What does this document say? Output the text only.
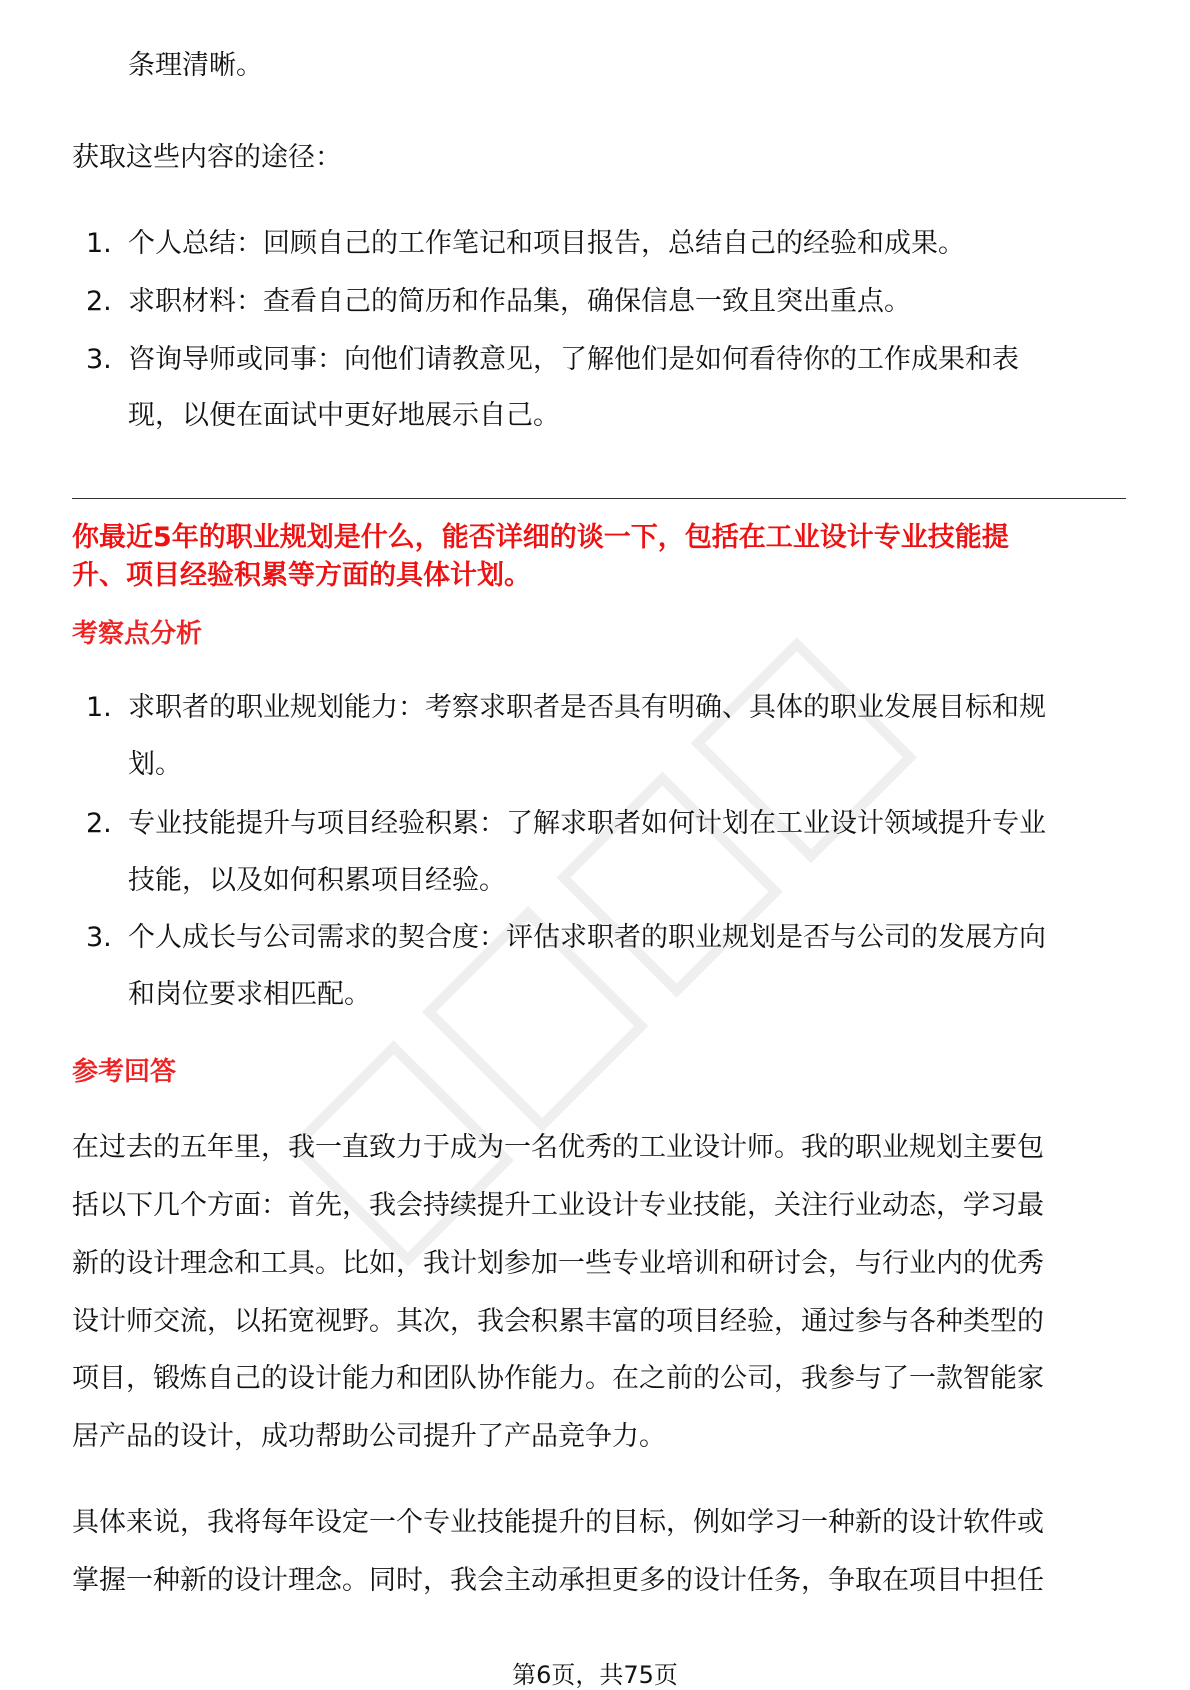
条理清晰。
获取这些内容的途径：
1. 个人总结：回顾自己的工作笔记和项目报告，总结自己的经验和成果。
2. 求职材料：查看自己的简历和作品集，确保信息一致且突出重点。
3. 咨询导师或同事：向他们请教意见，了解他们是如何看待你的工作成果和表
现，以便在面试中更好地展示自己。
你最近5年的职业规划是什么，能否详细的谈一下，包括在工业设计专业技能提
升、项目经验积累等方面的具体计划。
考察点分析
1. 求职者的职业规划能力：考察求职者是否具有明确、具体的职业发展目标和规
划。
2. 专业技能提升与项目经验积累：了解求职者如何计划在工业设计领域提升专业
技能，以及如何积累项目经验。
3. 个人成长与公司需求的契合度：评估求职者的职业规划是否与公司的发展方向
和岗位要求相匹配。
参考回答
在过去的五年里，我一直致力于成为一名优秀的工业设计师。我的职业规划主要包
括以下几个方面：首先，我会持续提升工业设计专业技能，关注行业动态，学习最
新的设计理念和工具。比如，我计划参加一些专业培训和研讨会，与行业内的优秀
设计师交流，以拓宽视野。其次，我会积累丰富的项目经验，通过参与各种类型的
项目，锻炼自己的设计能力和团队协作能力。在之前的公司，我参与了一款智能家
居产品的设计，成功帮助公司提升了产品竞争力。
具体来说，我将每年设定一个专业技能提升的目标，例如学习一种新的设计软件或
掌握一种新的设计理念。同时，我会主动承担更多的设计任务，争取在项目中担任
第6页，共75页
